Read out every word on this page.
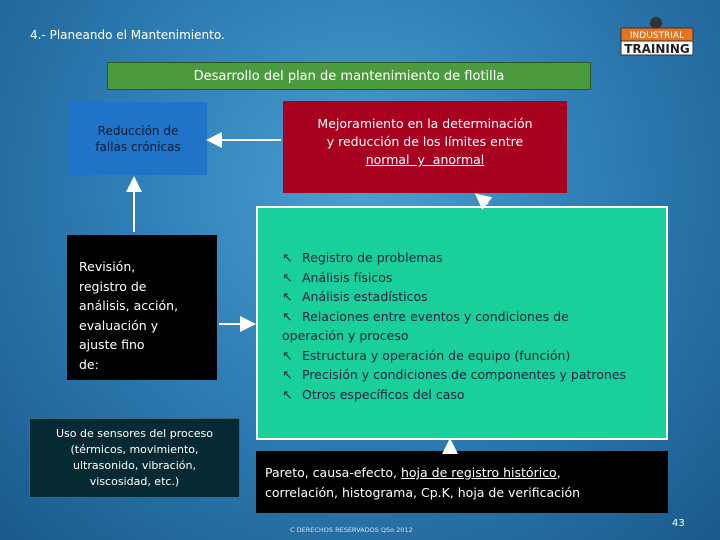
4.- Planeando el Mantenimiento.	INDUSTRIAL
TRAINING
Desarrollo del plan de mantenimiento de flotilla
Reducción de
fallas crónicas
Mejoramiento en la determinación
y reducción de los límites entre
normal  y  anormal
Revisión,
registro de
análisis, acción,
evaluación y
ajuste fino
de:
↖ Registro de problemas
↖ Análisis físicos
↖ Análisis estadísticos
↖ Relaciones entre eventos y condiciones de
operación y proceso
↖ Estructura y operación de equipo (función)
↖ Precisión y condiciones de componentes y patrones
↖ Otros específicos del caso
Uso de sensores del proceso
(térmicos, movimiento,
ultrasonido, vibración,
viscosidad, etc.)
Pareto, causa-efecto, hoja de registro histórico,
correlación, histograma, Cp.K, hoja de verificación
C DERECHOS RESERVADOS QSo 2012
43
